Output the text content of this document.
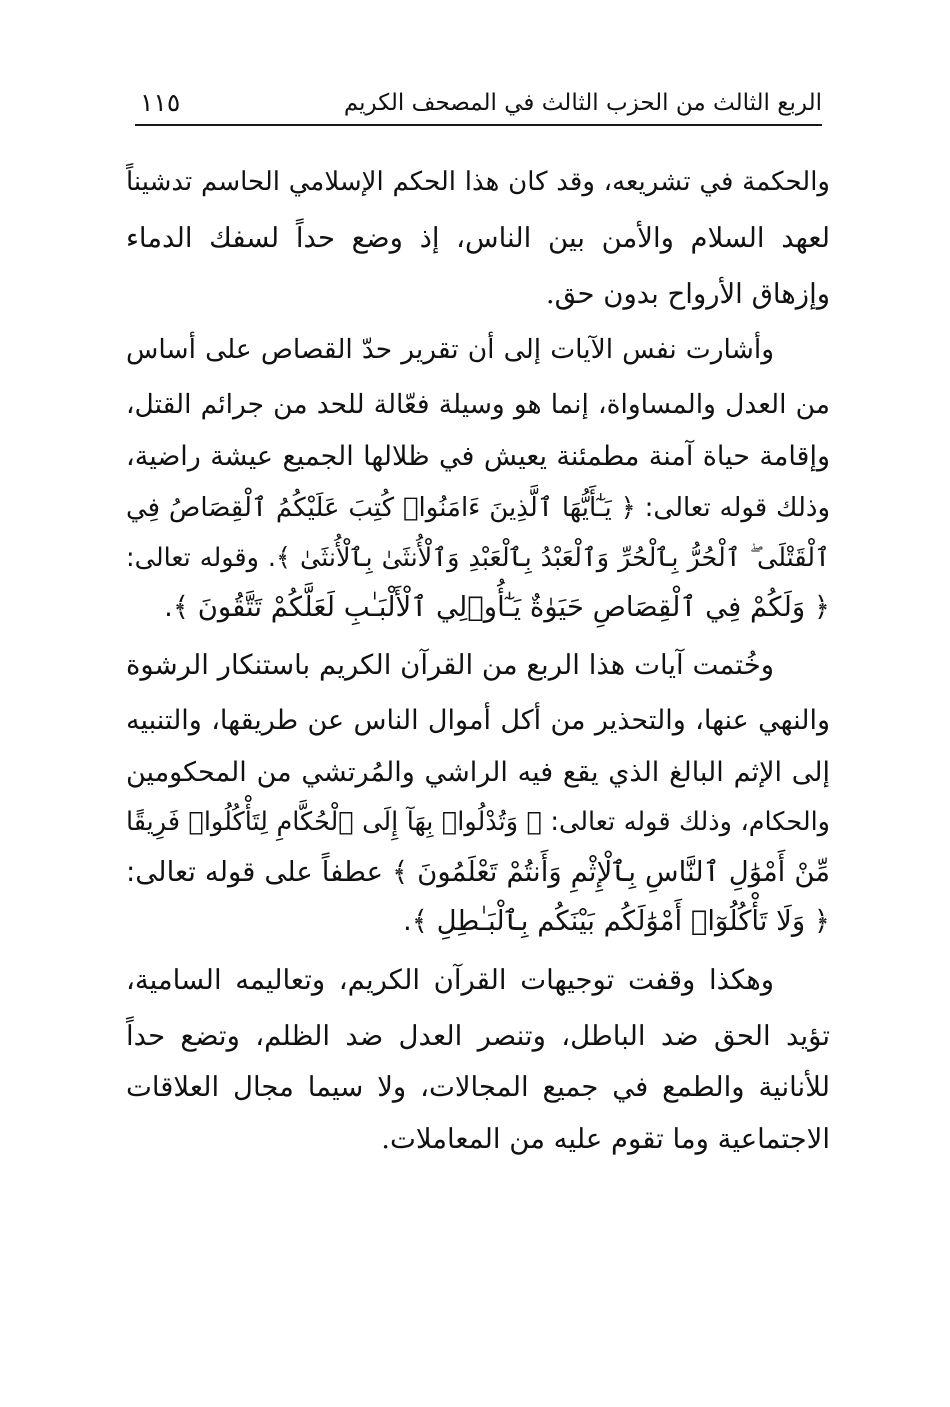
الربع الثالث من الحزب الثالث في المصحف الكريم
١١٥
والحكمة في تشريعه، وقد كان هذا الحكم الإسلامي الحاسم تدشيناً
لعهد السلام والأمن بين الناس، إذ وضع حداً لسفك الدماء
وإزهاق الأرواح بدون حق.
وأشارت نفس الآيات إلى أن تقرير حدّ القصاص على أساس
من العدل والمساواة، إنما هو وسيلة فعّالة للحد من جرائم القتل،
وإقامة حياة آمنة مطمئنة يعيش في ظلالها الجميع عيشة راضية،
وذلك قوله تعالى: ﴿ يَـٰٓأَيُّهَا ٱلَّذِينَ ءَامَنُوا۟ كُتِبَ عَلَيْكُمُ ٱلْقِصَاصُ فِي
ٱلْقَتْلَى ۖ ٱلْحُرُّ بِٱلْحُرِّ وَٱلْعَبْدُ بِٱلْعَبْدِ وَٱلْأُنثَىٰ بِٱلْأُنثَىٰ ﴾. وقوله تعالى:
﴿ وَلَكُمْ فِي ٱلْقِصَاصِ حَيَوٰةٌ يَـٰٓأُو۟لِي ٱلْأَلْبَـٰبِ لَعَلَّكُمْ تَتَّقُونَ ﴾.
وخُتمت آيات هذا الربع من القرآن الكريم باستنكار الرشوة
والنهي عنها، والتحذير من أكل أموال الناس عن طريقها، والتنبيه
إلى الإثم البالغ الذي يقع فيه الراشي والمُرتشي من المحكومين
والحكام، وذلك قوله تعالى: ﴿ وَتُدْلُوا۟ بِهَآ إِلَى ٱلْحُكَّامِ لِتَأْكُلُوا۟ فَرِيقًا
مِّنْ أَمْوَٰلِ ٱلنَّاسِ بِٱلْإِثْمِ وَأَنتُمْ تَعْلَمُونَ ﴾ عطفاً على قوله تعالى:
﴿ وَلَا تَأْكُلُوٓا۟ أَمْوَٰلَكُم بَيْنَكُم بِٱلْبَـٰطِلِ ﴾.
وهكذا وقفت توجيهات القرآن الكريم، وتعاليمه السامية،
تؤيد الحق ضد الباطل، وتنصر العدل ضد الظلم، وتضع حداً
للأنانية والطمع في جميع المجالات، ولا سيما مجال العلاقات
الاجتماعية وما تقوم عليه من المعاملات.
